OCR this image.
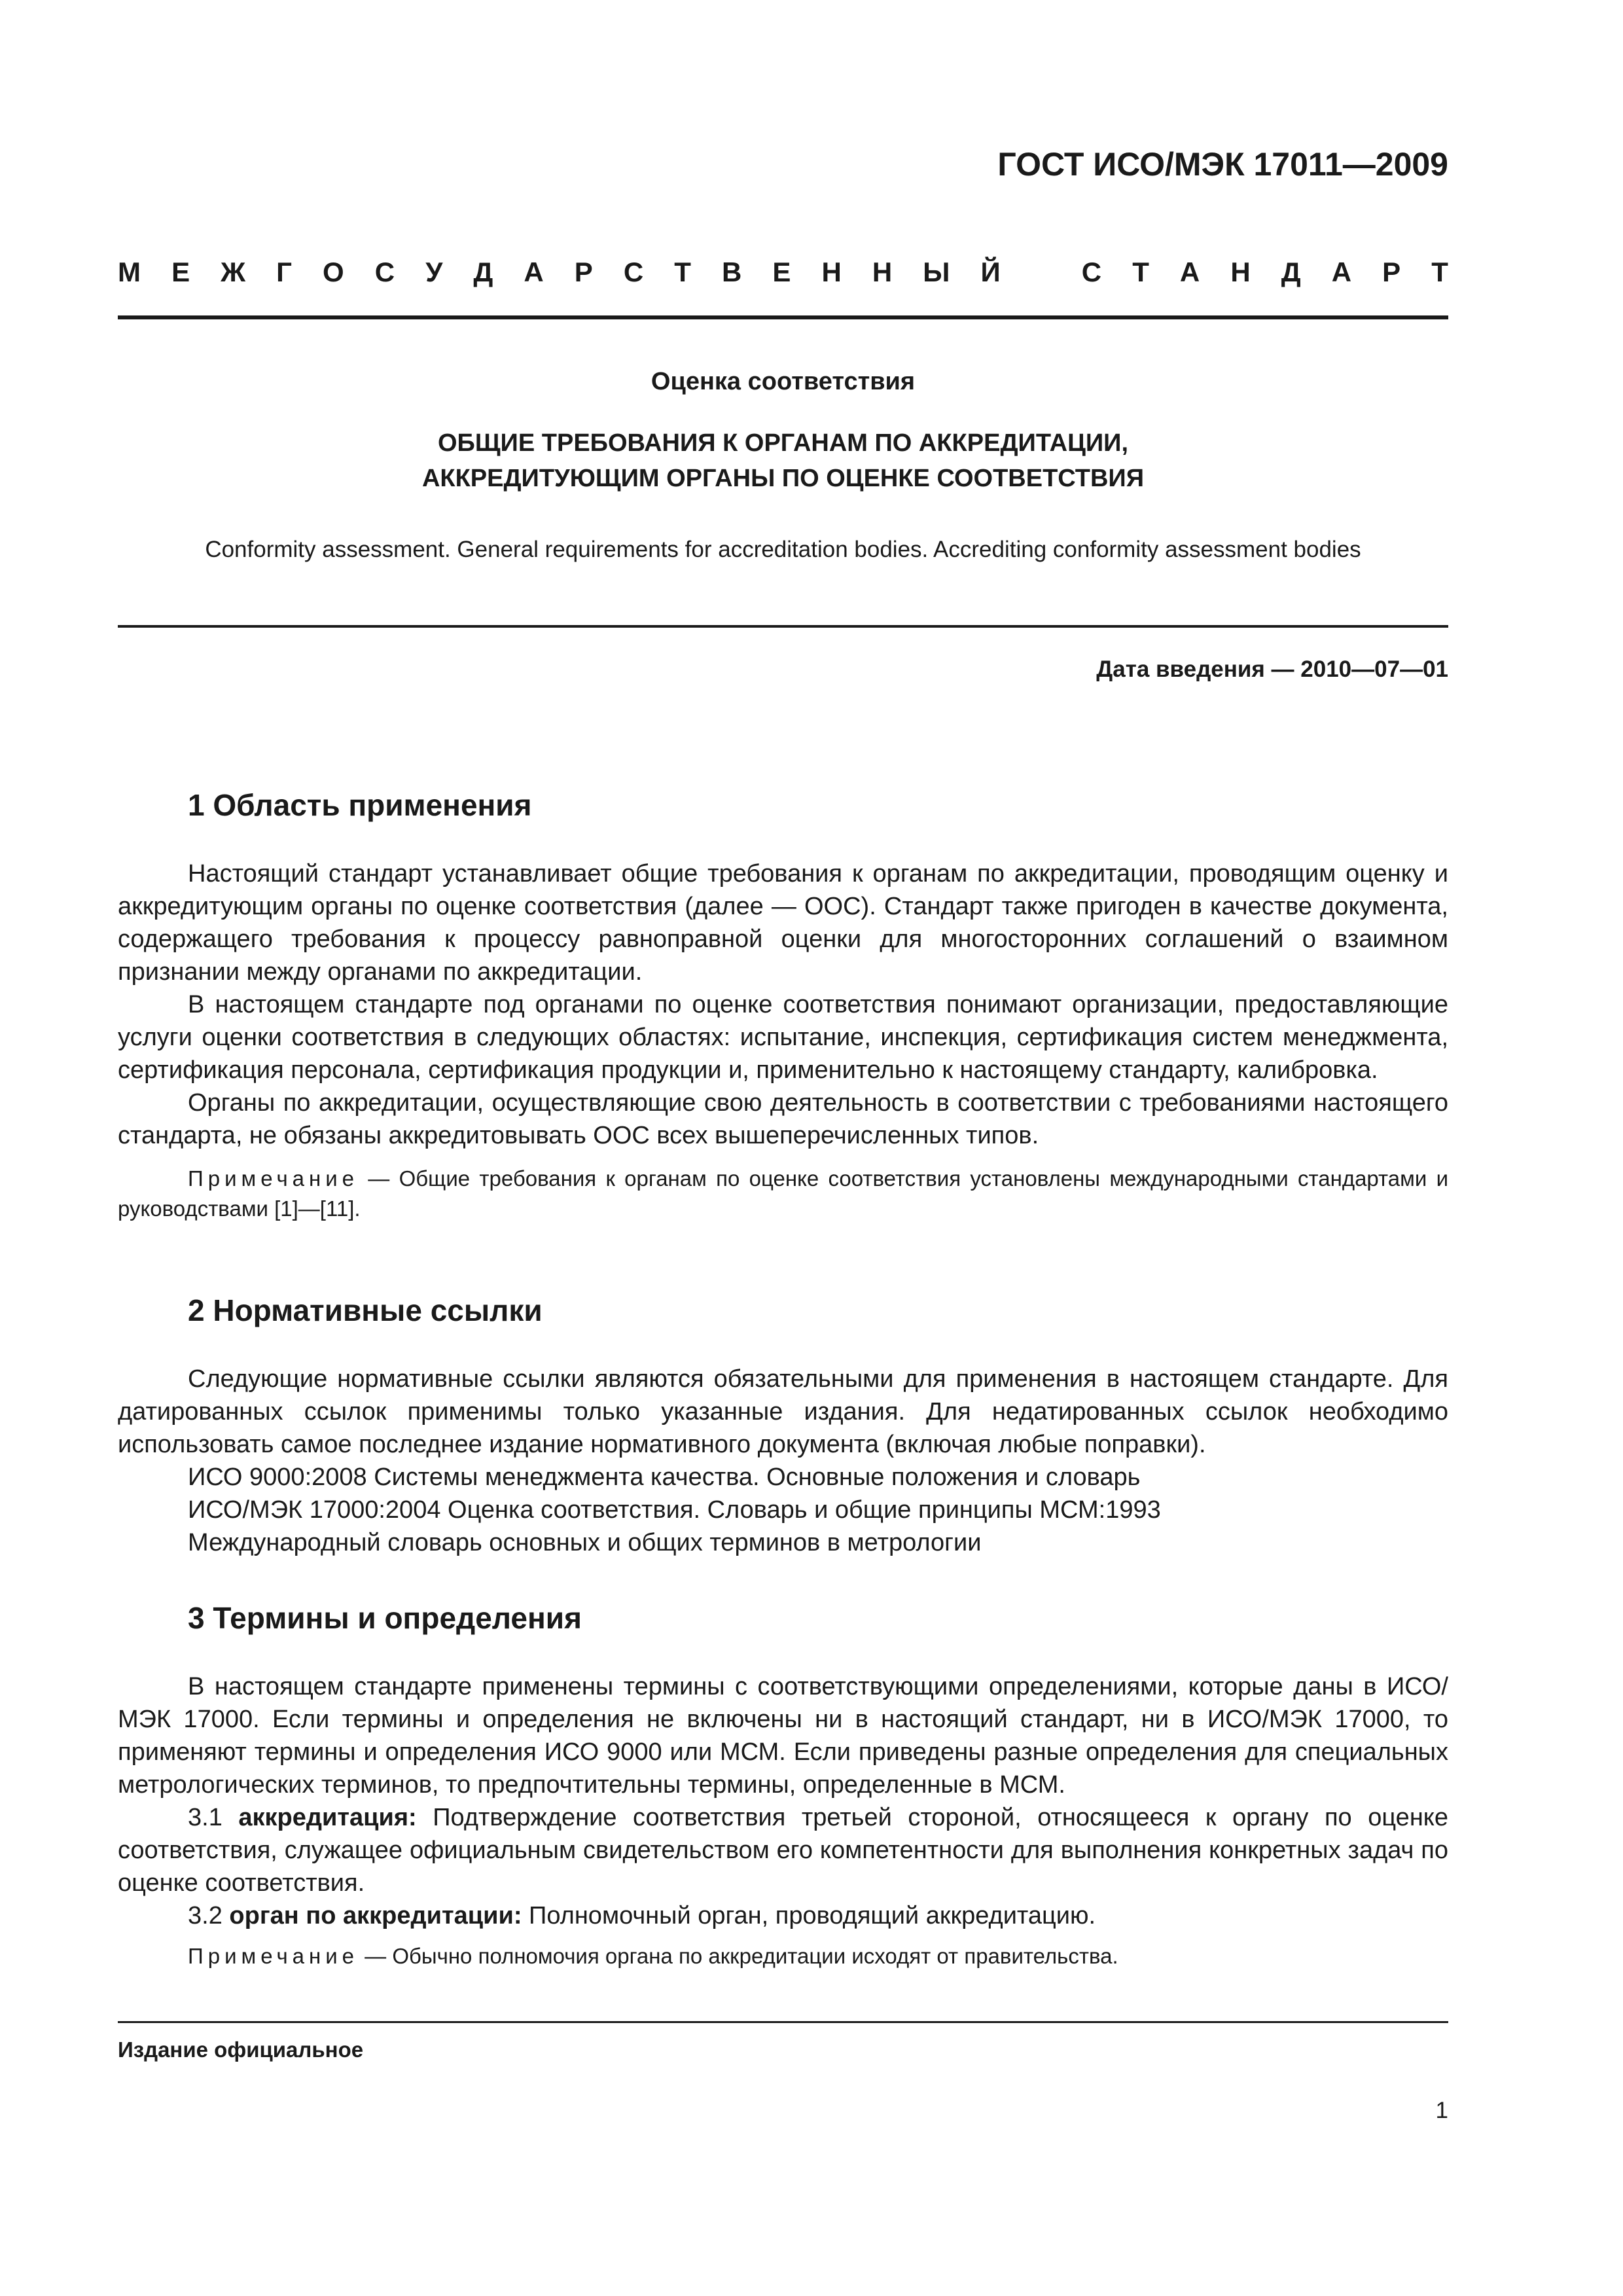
ГОСТ ИСО/МЭК 17011—2009
М Е Ж Г О С У Д А Р С Т В Е Н Н Ы Й	С Т А Н Д А Р Т
Оценка соответствия
ОБЩИЕ ТРЕБОВАНИЯ К ОРГАНАМ ПО АККРЕДИТАЦИИ,
АККРЕДИТУЮЩИМ ОРГАНЫ ПО ОЦЕНКЕ СООТВЕТСТВИЯ
Conformity assessment. General requirements for accreditation bodies. Accrediting conformity assessment bodies
Дата введения — 2010—07—01
1 Область применения

Настоящий стандарт устанавливает общие требования к органам по аккредитации, проводящим оценку и аккредитующим органы по оценке соответствия (далее — ООС). Стандарт также пригоден в качестве документа, содержащего требования к процессу равноправной оценки для многосторонних соглашений о взаимном признании между органами по аккредитации.

В настоящем стандарте под органами по оценке соответствия понимают организации, предоставляющие услуги оценки соответствия в следующих областях: испытание, инспекция, сертификация систем менеджмента, сертификация персонала, сертификация продукции и, применительно к настоящему стандарту, калибровка.

Органы по аккредитации, осуществляющие свою деятельность в соответствии с требованиями настоящего стандарта, не обязаны аккредитовывать ООС всех вышеперечисленных типов.

Примечание — Общие требования к органам по оценке соответствия установлены международными стандартами и руководствами [1]—[11].

2 Нормативные ссылки

Следующие нормативные ссылки являются обязательными для применения в настоящем стандарте. Для датированных ссылок применимы только указанные издания. Для недатированных ссылок необходимо использовать самое последнее издание нормативного документа (включая любые поправки).

ИСО 9000:2008 Системы менеджмента качества. Основные положения и словарь

ИСО/МЭК 17000:2004 Оценка соответствия. Словарь и общие принципы МСМ:1993

Международный словарь основных и общих терминов в метрологии

3 Термины и определения

В настоящем стандарте применены термины с соответствующими определениями, которые даны в ИСО/МЭК 17000. Если термины и определения не включены ни в настоящий стандарт, ни в ИСО/МЭК 17000, то применяют термины и определения ИСО 9000 или МСМ. Если приведены разные определения для специальных метрологических терминов, то предпочтительны термины, определенные в МСМ.

3.1 аккредитация: Подтверждение соответствия третьей стороной, относящееся к органу по оценке соответствия, служащее официальным свидетельством его компетентности для выполнения конкретных задач по оценке соответствия.

3.2 орган по аккредитации: Полномочный орган, проводящий аккредитацию.

Примечание — Обычно полномочия органа по аккредитации исходят от правительства.

Издание официальное
1
